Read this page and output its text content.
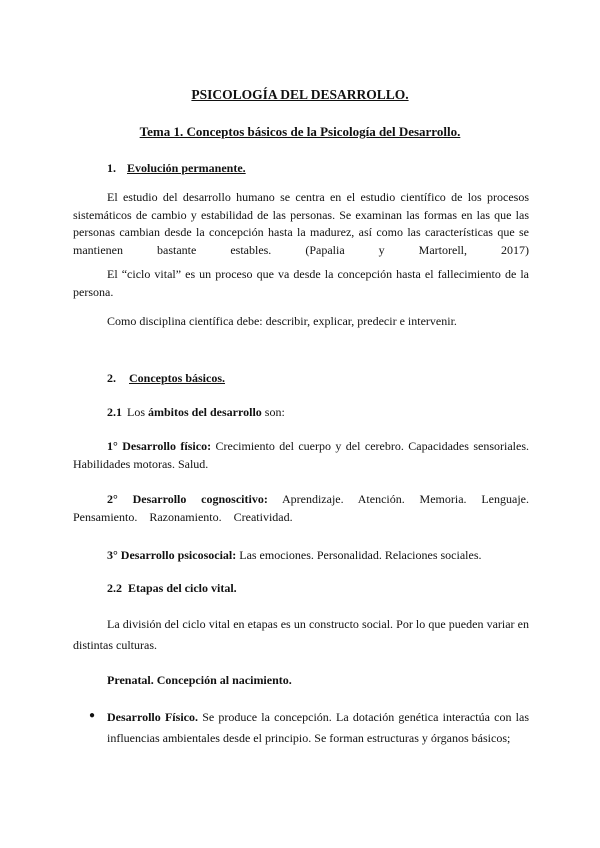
PSICOLOGÍA DEL DESARROLLO.

Tema 1. Conceptos básicos de la Psicología del Desarrollo.

1. Evolución permanente.

El estudio del desarrollo humano se centra en el estudio científico de los procesos sistemáticos de cambio y estabilidad de las personas. Se examinan las formas en las que las personas cambian desde la concepción hasta la madurez, así como las características que se mantienen bastante estables. (Papalia y Martorell, 2017)

El “ciclo vital” es un proceso que va desde la concepción hasta el fallecimiento de la persona.

Como disciplina científica debe: describir, explicar, predecir e intervenir.

2. Conceptos básicos.

2.1 Los ámbitos del desarrollo son:

1° Desarrollo físico: Crecimiento del cuerpo y del cerebro. Capacidades sensoriales. Habilidades motoras. Salud.

2° Desarrollo cognoscitivo: Aprendizaje. Atención. Memoria. Lenguaje. Pensamiento. Razonamiento. Creatividad.

3° Desarrollo psicosocial: Las emociones. Personalidad. Relaciones sociales.

2.2 Etapas del ciclo vital.

La división del ciclo vital en etapas es un constructo social. Por lo que pueden variar en distintas culturas.

Prenatal. Concepción al nacimiento.

● Desarrollo Físico. Se produce la concepción. La dotación genética interactúa con las influencias ambientales desde el principio. Se forman estructuras y órganos básicos;
